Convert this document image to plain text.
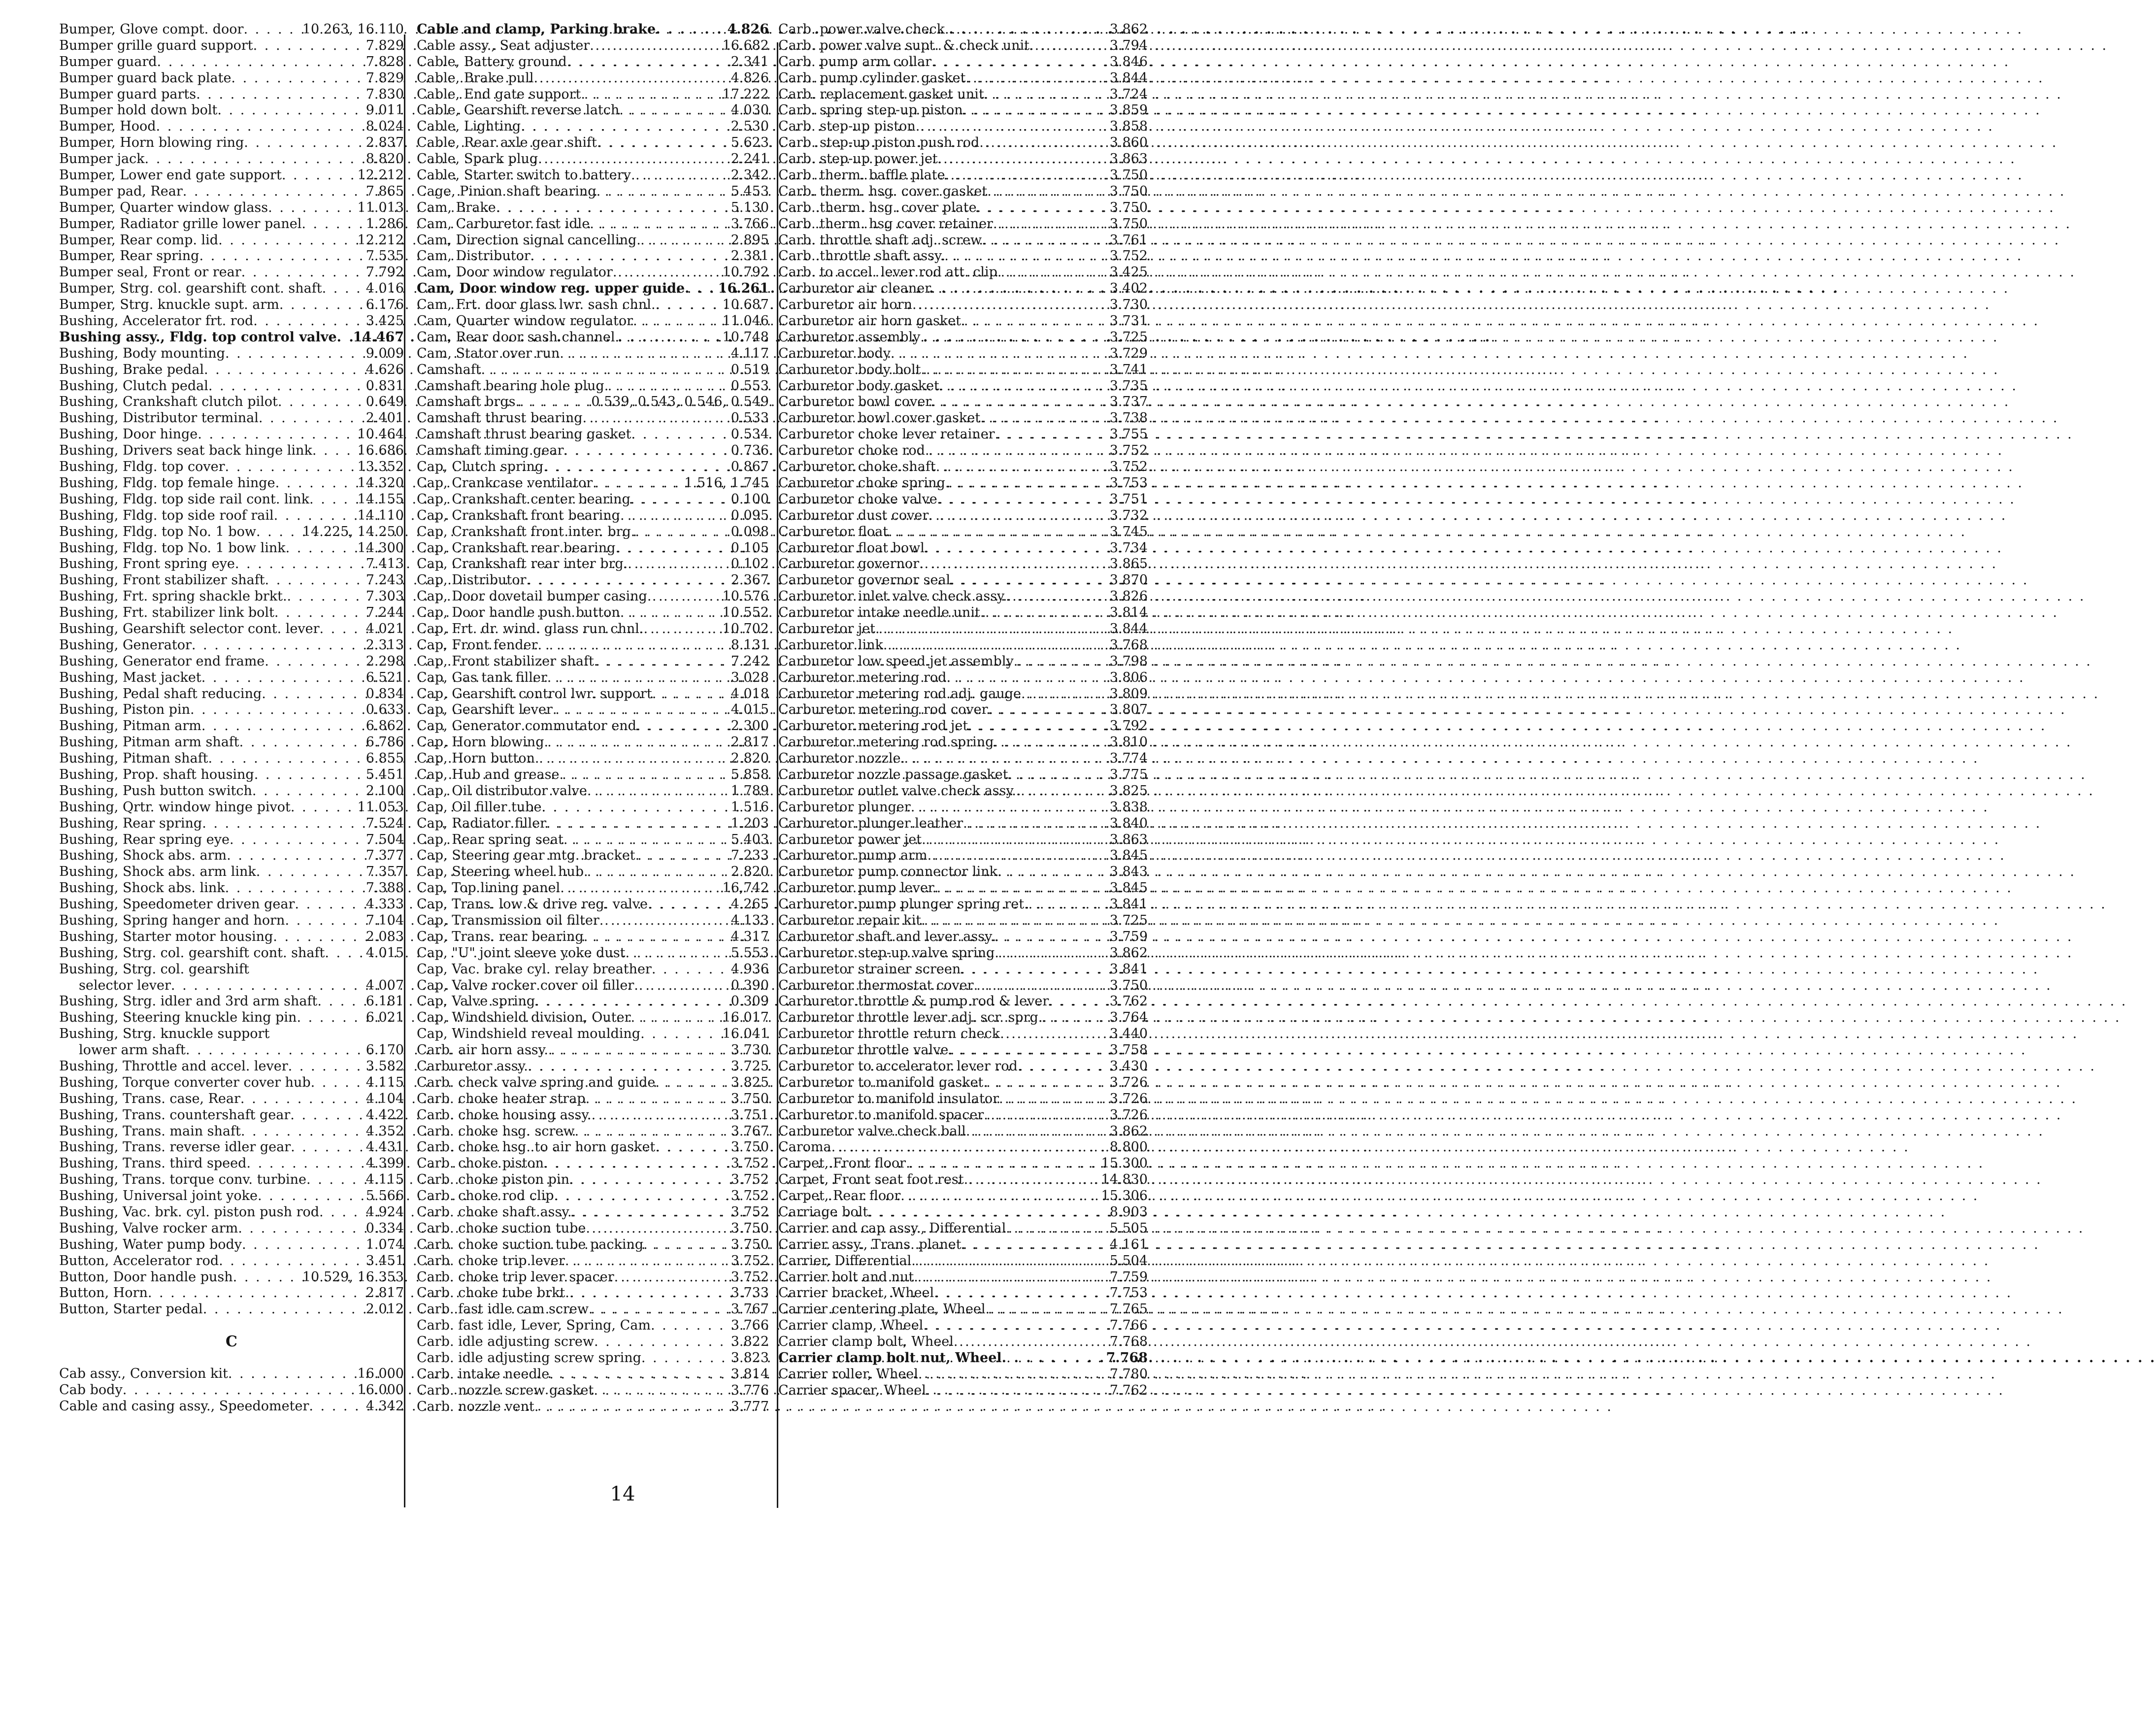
Bumper, Glove compt. door . . .	10.263, 16.110
Bumper grille guard support . . .	7.829
Bumper guard . . .	7.828
Bumper guard back plate . . .	7.829
Bumper guard parts . . .	7.830
Bumper hold down bolt . . .	9.011
Bumper, Hood . . .	8.024
Bumper, Horn blowing ring . . .	2.837
Bumper jack . . .	8.820
Bumper, Lower end gate support . . .	12.212
Bumper pad, Rear . . .	7.865
Bumper, Quarter window glass . . .	11.013
Bumper, Radiator grille lower panel . . .	1.286
Bumper, Rear comp. lid . . .	12.212
Bumper, Rear spring . . .	7.535
Bumper seal, Front or rear . . .	7.792
Bumper, Strg. col. gearshift cont. shaft . . .	4.016
Bumper, Strg. knuckle supt. arm . . .	6.176
Bushing, Accelerator frt. rod . . .	3.425
Bushing assy., Fldg. top control valve . . . 14.467
Bushing, Body mounting . . .	9.009
Bushing, Brake pedal . . .	4.626
Bushing, Clutch pedal . . .	0.831
Bushing, Crankshaft clutch pilot . . .	0.649
Bushing, Distributor terminal . . .	2.401
Bushing, Door hinge . . .	10.464
Bushing, Drivers seat back hinge link . . .	16.686
Bushing, Fldg. top cover . . .	13.352
Bushing, Fldg. top female hinge . . .	14.320
Bushing, Fldg. top side rail cont. link . . .	14.155
Bushing, Fldg. top side roof rail . . .	14.110
Bushing, Fldg. top No. 1 bow . . .	14.225, 14.250
Bushing, Fldg. top No. 1 bow link . . .	14.300
Bushing, Front spring eye . . .	7.413
Bushing, Front stabilizer shaft . . .	7.243
Bushing, Frt. spring shackle brkt. . . .	7.303
Bushing, Frt. stabilizer link bolt . . .	7.244
Bushing, Gearshift selector cont. lever . . .	4.021
Bushing, Generator . . .	2.313
Bushing, Generator end frame . . .	2.298
Bushing, Mast jacket . . .	6.521
Bushing, Pedal shaft reducing . . .	0.834
Bushing, Piston pin . . .	0.633
Bushing, Pitman arm . . .	6.862
Bushing, Pitman arm shaft . . .	6.786
Bushing, Pitman shaft . . .	6.855
Bushing, Prop. shaft housing . . .	5.451
Bushing, Push button switch . . .	2.100
Bushing, Qrtr. window hinge pivot . . .	11.053
Bushing, Rear spring . . .	7.524
Bushing, Rear spring eye . . .	7.504
Bushing, Shock abs. arm . . .	7.377
Bushing, Shock abs. arm link . . .	7.357
Bushing, Shock abs. link . . .	7.388
Bushing, Speedometer driven gear . . .	4.333
Bushing, Spring hanger and horn . . .	7.104
Bushing, Starter motor housing . . .	2.083
Bushing, Strg. col. gearshift cont. shaft . . .	4.015
Bushing, Strg. col. gearshift
selector lever . . .	4.007
Bushing, Strg. idler and 3rd arm shaft . . .	6.181
Bushing, Steering knuckle king pin . . .	6.021
Bushing, Strg. knuckle support
lower arm shaft . . .	6.170
Bushing, Throttle and accel. lever . . .	3.582
Bushing, Torque converter cover hub . . .	4.115
Bushing, Trans. case, Rear . . .	4.104
Bushing, Trans. countershaft gear . . .	4.422
Bushing, Trans. main shaft . . .	4.352
Bushing, Trans. reverse idler gear . . .	4.431
Bushing, Trans. third speed . . .	4.399
Bushing, Trans. torque conv. turbine . . .	4.115
Bushing, Universal joint yoke . . .	5.566
Bushing, Vac. brk. cyl. piston push rod . . .	4.924
Bushing, Valve rocker arm . . .	0.334
Bushing, Water pump body . . .	1.074
Button, Accelerator rod . . .	3.451
Button, Door handle push . . .	10.529, 16.353
Button, Horn . . .	2.817
Button, Starter pedal . . .	2.012
C
Cab assy., Conversion kit . . .	16.000
Cab body . . .	16.000
Cable and casing assy., Speedometer . . .	4.342
Cable and clamp, Parking brake . . .	4.826
Cable assy., Seat adjuster . . .	16.682
Cable, Battery ground . . .	2.341
Cable, Brake pull . . .	4.826
Cable, End gate support . . .	17.222
Cable, Gearshift reverse latch . . .	4.030
Cable, Lighting . . .	2.530
Cable, Rear axle gear shift . . .	5.623
Cable, Spark plug . . .	2.241
Cable, Starter switch to battery . . .	2.342
Cage, Pinion shaft bearing . . .	5.453
Cam, Brake . . .	5.130
Cam, Carburetor fast idle . . .	3.766
Cam, Direction signal cancelling . . .	2.895
Cam, Distributor . . .	2.381
Cam, Door window regulator . . .	10.792
Cam, Door window reg. upper guide . . . 16.261
Cam, Frt. door glass lwr. sash chnl. . . .	10.687
Cam, Quarter window regulator . . .	11.046
Cam, Rear door sash channel . . .	10.748
Cam, Stator over run . . .	4.117
Camshaft . . .	0.519
Camshaft bearing hole plug . . .	0.553
Camshaft brgs. . . .	0.539, 0.543, 0.546, 0.549
Camshaft thrust bearing . . .	0.533
Camshaft thrust bearing gasket . . .	0.534
Camshaft timing gear . . .	0.736
Cap, Clutch spring . . .	0.867
Cap, Crankcase ventilator . . .	1.516, 1.745
Cap, Crankshaft center bearing . . .	0.100
Cap, Crankshaft front bearing . . .	0.095
Cap, Crankshaft front inter. brg. . . .	0.098
Cap, Crankshaft rear bearing . . .	0.105
Cap, Crankshaft rear inter brg. . . .	0.102
Cap, Distributor . . .	2.367
Cap, Door dovetail bumper casing . . .	10.576
Cap, Door handle push button . . .	10.552
Cap, Frt. dr. wind. glass run chnl. . . .	10.702
Cap, Front fender . . .	8.131
Cap, Front stabilizer shaft . . .	7.242
Cap, Gas tank filler . . .	3.028
Cap, Gearshift control lwr. support . . .	4.018
Cap, Gearshift lever . . .	4.015
Cap, Generator commutator end . . .	2.300
Cap, Horn blowing . . .	2.817
Cap, Horn button . . .	2.820
Cap, Hub and grease . . .	5.858
Cap, Oil distributor valve . . .	1.789
Cap, Oil filler tube . . .	1.516
Cap, Radiator filler . . .	1.203
Cap, Rear spring seat . . .	5.403
Cap, Steering gear mtg. bracket . . .	7.233
Cap, Steering wheel hub . . .	2.820
Cap, Top lining panel . . .	16,742
Cap, Trans. low & drive reg. valve . . .	4.265
Cap, Transmission oil filter . . .	4.133
Cap, Trans. rear bearing . . .	4.317
Cap, "U" joint sleeve yoke dust . . .	5.553
Cap, Vac. brake cyl. relay breather . . .	4.936
Cap, Valve rocker cover oil filler . . .	0.390
Cap, Valve spring . . .	0.309
Cap, Windshield division, Outer . . .	16.017
Cap, Windshield reveal moulding . . .	16.041
Carb. air horn assy. . . .	3.730
Carburetor assy. . . .	3.725
Carb. check valve spring and guide . . .	3.825
Carb. choke heater strap . . .	3.750
Carb. choke housing assy. . . .	3.751
Carb. choke hsg. screw . . .	3.767
Carb. choke hsg. to air horn gasket . . .	3.750
Carb. choke piston . . .	3.752
Carb. choke piston pin . . .	3.752
Carb. choke rod clip . . .	3.752
Carb. choke shaft assy. . . .	3.752
Carb. choke suction tube . . .	3.750
Carb. choke suction tube packing . . .	3.750
Carb. choke trip lever . . .	3.752
Carb. choke trip lever spacer . . .	3.752
Carb. choke tube brkt. . . .	3.733
Carb. fast idle cam screw . . .	3.767
Carb. fast idle, Lever, Spring, Cam . . .	3.766
Carb. idle adjusting screw . . .	3.822
Carb. idle adjusting screw spring . . .	3.823
Carb. intake needle . . .	3.814
Carb. nozzle screw gasket . . .	3.776
Carb. nozzle vent . . .	3.777
Carb. power valve check . . .	3.862
Carb. power valve supt. & check unit . . .	3.794
Carb. pump arm collar . . .	3.846
Carb. pump cylinder gasket . . .	3.844
Carb. replacement gasket unit . . .	3.724
Carb. spring step-up piston . . .	3.859
Carb. step-up piston . . .	3.858
Carb. step-up piston push rod . . .	3.860
Carb. step-up power jet . . .	3.863
Carb. therm. baffle plate . . .	3.750
Carb. therm. hsg. cover gasket . . .	3.750
Carb. therm. hsg. cover plate . . .	3.750
Carb. therm. hsg cover retainer . . .	3.750
Carb. throttle shaft adj. screw . . .	3.761
Carb. throttle shaft assy. . . .	3.752
Carb. to accel. lever rod att. clip . . .	3.425
Carburetor air cleaner . . .	3.402
Carburetor air horn . . .	3.730
Carburetor air horn gasket . . .	3.731
Carburetor assembly . . .	3.725
Carburetor body . . .	3.729
Carburetor body bolt . . .	3.741
Carburetor body gasket . . .	3.735
Carburetor bowl cover . . .	3.737
Carburetor bowl cover gasket . . .	3.738
Carburetor choke lever retainer . . .	3.755
Carburetor choke rod . . .	3.752
Carburetor choke shaft . . .	3.752
Carburetor choke spring . . .	3.753
Carburetor choke valve . . .	3.751
Carburetor dust cover . . .	3.732
Carburetor float . . .	3.745
Carburetor float bowl . . .	3.734
Carburetor governor . . .	3.865
Carburetor governor seal . . .	3.870
Carburetor inlet valve check assy. . . .	3.826
Carburetor intake needle unit . . .	3.814
Carburetor jet . . .	3.844
Carburetor link . . .	3.768
Carburetor low speed jet assembly . . .	3.798
Carburetor metering rod . . .	3.806
Carburetor metering rod adj. gauge . . .	3.809
Carburetor metering rod cover . . .	3.807
Carburetor metering rod jet . . .	3.792
Carburetor metering rod spring . . .	3.810
Carburetor nozzle . . .	3.774
Carburetor nozzle passage gasket . . .	3.775
Carburetor outlet valve check assy. . . .	3.825
Carburetor plunger . . .	3.838
Carburetor plunger leather . . .	3.840
Carburetor power jet . . .	3.863
Carburetor pump arm . . .	3.845
Carburetor pump connector link . . .	3.843
Carburetor pump lever . . .	3.845
Carburetor pump plunger spring ret. . . .	3.841
Carburetor repair kit . . .	3.725
Carburetor shaft and lever assy. . . .	3.759
Carburetor step-up valve spring . . .	3.862
Carburetor strainer screen . . .	3.841
Carburetor thermostat cover . . .	3.750
Carburetor throttle & pump rod & lever . . .	3.762
Carburetor throttle lever adj. scr. sprg. . . .	3.764
Carburetor throttle return check . . .	3.440
Carburetor throttle valve . . .	3.758
Carburetor to accelerator lever rod . . .	3.430
Carburetor to manifold gasket . . .	3.726
Carburetor to manifold insulator . . .	3.726
Carburetor to manifold spacer . . .	3.726
Carburetor valve check ball . . .	3.862
Caroma . . .	8.800
Carpet, Front floor . . .	15.300
Carpet, Front seat foot rest . . .	14.830
Carpet, Rear floor . . .	15.306
Carriage bolt . . .	8.903
Carrier and cap assy., Differential . . .	5.505
Carrier assy., Trans. planet . . .	4.161
Carrier, Differential . . .	5.504
Carrier bolt and nut . . .	7.759
Carrier bracket, Wheel . . .	7.753
Carrier centering plate, Wheel . . .	7.765
Carrier clamp, Wheel . . .	7.766
Carrier clamp bolt, Wheel . . .	7.768
Carrier clamp bolt nut, Wheel . . .	7.768
Carrier roller, Wheel . . .	7.780
Carrier spacer, Wheel . . .	7.762
14
